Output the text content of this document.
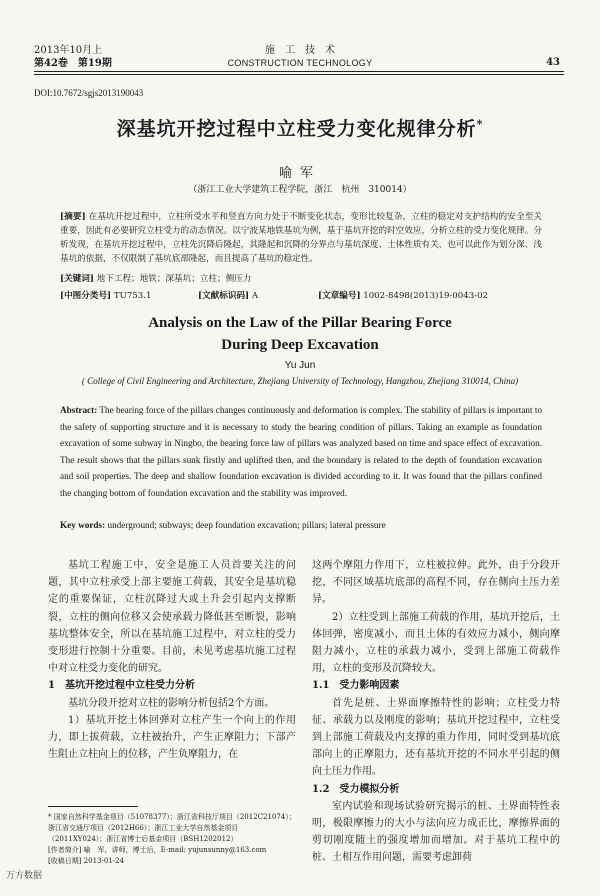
2013年10月上
第42卷　第19期
施　工　技　术
CONSTRUCTION TECHNOLOGY	43
DOI:10.7672/sgjs2013190043
深基坑开挖过程中立柱受力变化规律分析*
喻军
（浙江工业大学建筑工程学院，浙江　杭州　310014）
[摘要] 在基坑开挖过程中，立柱所受水平和竖直方向力处于不断变化状态，变形比较复杂，立柱的稳定对支护结构的安全至关重要，因此有必要研究立柱受力的动态情况。以宁波某地铁基坑为例，基于基坑开挖的时空效应，分析立柱的受力变化规律。分析发现，在基坑开挖过程中，立柱先沉降后隆起，其隆起和沉降的分界点与基坑深度、土体性质有关，也可以此作为划分深、浅基坑的依据，不仅限制了基坑底部隆起，而且提高了基坑的稳定性。
[关键词] 地下工程；地铁；深基坑；立柱；侧压力
[中图分类号] TU753.1	[文献标识码] A	[文章编号] 1002-8498(2013)19-0043-02
Analysis on the Law of the Pillar Bearing Force
During Deep Excavation
Yu Jun
( College of Civil Engineering and Architecture, Zhejiang University of Technology, Hangzhou, Zhejiang 310014, China)
Abstract: The bearing force of the pillars changes continuously and deformation is complex. The stability of pillars is important to the safety of supporting structure and it is necessary to study the bearing condition of pillars. Taking an example as foundation excavation of some subway in Ningbo, the bearing force law of pillars was analyzed based on time and space effect of excavation. The result shows that the pillars sunk firstly and uplifted then, and the boundary is related to the depth of foundation excavation and soil properties. The deep and shallow foundation excavation is divided according to it. It was found that the pillars confined the changing bottom of foundation excavation and the stability was improved.
Key words: underground; subways; deep foundation excavation; pillars; lateral pressure

基坑工程施工中，安全是施工人员首要关注的问题，其中立柱承受上部主要施工荷载，其安全是基坑稳定的重要保证，立柱沉降过大或上升会引起内支撑断裂，立柱的侧向位移又会使承载力降低甚至断裂，影响基坑整体安全，所以在基坑施工过程中，对立柱的受力变形进行控制十分重要。目前，未见考虑基坑施工过程中对立柱受力变化的研究。

1　基坑开挖过程中立柱受力分析

基坑分段开挖对立柱的影响分析包括2个方面。

1）基坑开挖土体回弹对立柱产生一个向上的作用力，即上拔荷载，立柱被抬升，产生正摩阻力；下部产生阻止立柱向上的位移，产生负摩阻力，在

这两个摩阻力作用下，立柱被拉伸。此外，由于分段开挖，不同区域基坑底部的高程不同，存在侧向土压力差异。

2）立柱受到上部施工荷载的作用，基坑开挖后，土体回弹，密度减小，而且土体的有效应力减小，侧向摩阻力减小，立柱的承载力减小，受到上部施工荷载作用，立柱的变形及沉降较大。

1.1　受力影响因素

首先是桩、土界面摩擦特性的影响；立柱受力特征、承载力以及刚度的影响；基坑开挖过程中，立柱受到上部施工荷载及内支撑的重力作用，同时受到基坑底部向上的正摩阻力，还有基坑开挖的不同水平引起的侧向土压力作用。

1.2　受力模拟分析

室内试验和现场试验研究揭示的桩、土界面特性表明，极限摩擦力的大小与法向应力成正比，摩擦界面的剪切刚度随土的强度增加而增加。对于基坑工程中的桩、土相互作用问题，需要考虑卸荷

* 国家自然科学基金项目（51078377）；浙江省科技厅项目（2012C21074）；浙江省交通厅项目（2012H66）；浙江工业大学自然基金项目（2011XY024）；浙江省博士后基金项目（BSH1202012）
[作者简介] 喻　军，讲师，博士后，E-mail: yujunsunny@163.com
[收稿日期] 2013-01-24
万方数据
